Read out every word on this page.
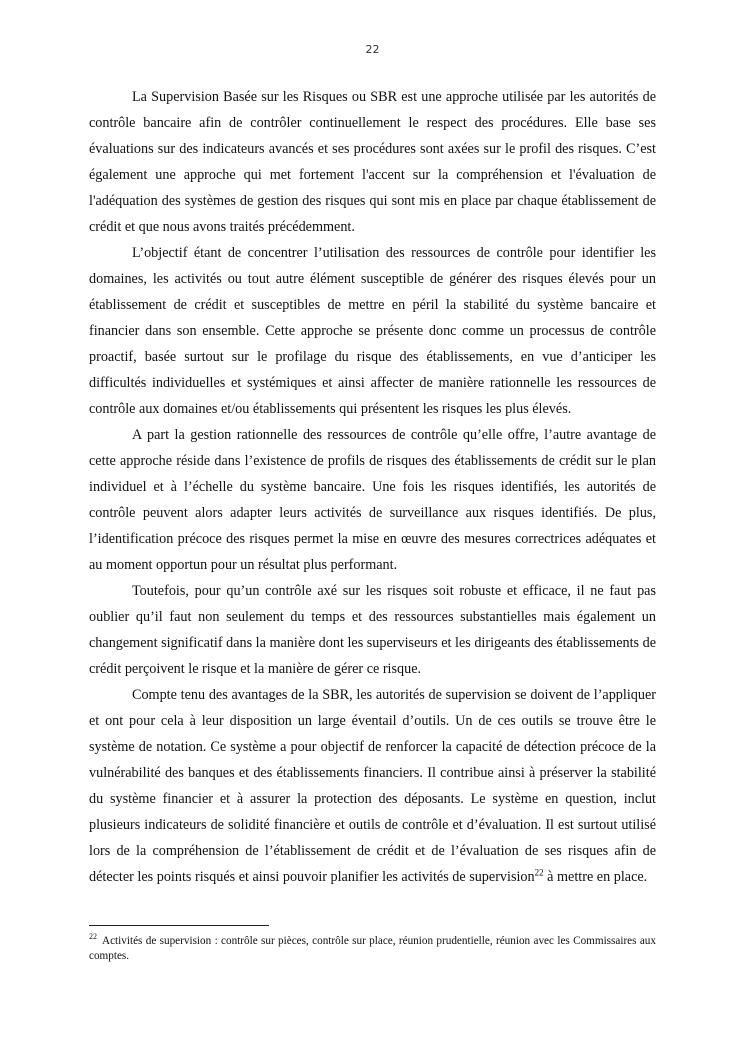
22

La Supervision Basée sur les Risques ou SBR est une approche utilisée par les autorités de contrôle bancaire afin de contrôler continuellement le respect des procédures. Elle base ses évaluations sur des indicateurs avancés et ses procédures sont axées sur le profil des risques. C’est également une approche qui met fortement l'accent sur la compréhension et l'évaluation de l'adéquation des systèmes de gestion des risques qui sont mis en place par chaque établissement de crédit et que nous avons traités précédemment.

L’objectif étant de concentrer l’utilisation des ressources de contrôle pour identifier les domaines, les activités ou tout autre élément susceptible de générer des risques élevés pour un établissement de crédit et susceptibles de mettre en péril la stabilité du système bancaire et financier dans son ensemble. Cette approche se présente donc comme un processus de contrôle proactif, basée surtout sur le profilage du risque des établissements, en vue d’anticiper les difficultés individuelles et systémiques et ainsi affecter de manière rationnelle les ressources de contrôle aux domaines et/ou établissements qui présentent les risques les plus élevés.

A part la gestion rationnelle des ressources de contrôle qu’elle offre, l’autre avantage de cette approche réside dans l’existence de profils de risques des établissements de crédit sur le plan individuel et à l’échelle du système bancaire. Une fois les risques identifiés, les autorités de contrôle peuvent alors adapter leurs activités de surveillance aux risques identifiés. De plus, l’identification précoce des risques permet la mise en œuvre des mesures correctrices adéquates et au moment opportun pour un résultat plus performant.

Toutefois, pour qu’un contrôle axé sur les risques soit robuste et efficace, il ne faut pas oublier qu’il faut non seulement du temps et des ressources substantielles mais également un changement significatif dans la manière dont les superviseurs et les dirigeants des établissements de crédit perçoivent le risque et la manière de gérer ce risque.

Compte tenu des avantages de la SBR, les autorités de supervision se doivent de l’appliquer et ont pour cela à leur disposition un large éventail d’outils. Un de ces outils se trouve être le système de notation. Ce système a pour objectif de renforcer la capacité de détection précoce de la vulnérabilité des banques et des établissements financiers. Il contribue ainsi à préserver la stabilité du système financier et à assurer la protection des déposants. Le système en question, inclut plusieurs indicateurs de solidité financière et outils de contrôle et d’évaluation. Il est surtout utilisé lors de la compréhension de l’établissement de crédit et de l’évaluation de ses risques afin de détecter les points risqués et ainsi pouvoir planifier les activités de supervision$^{22}$ à mettre en place.

$^{22}$ Activités de supervision : contrôle sur pièces, contrôle sur place, réunion prudentielle, réunion avec les Commissaires aux comptes.
